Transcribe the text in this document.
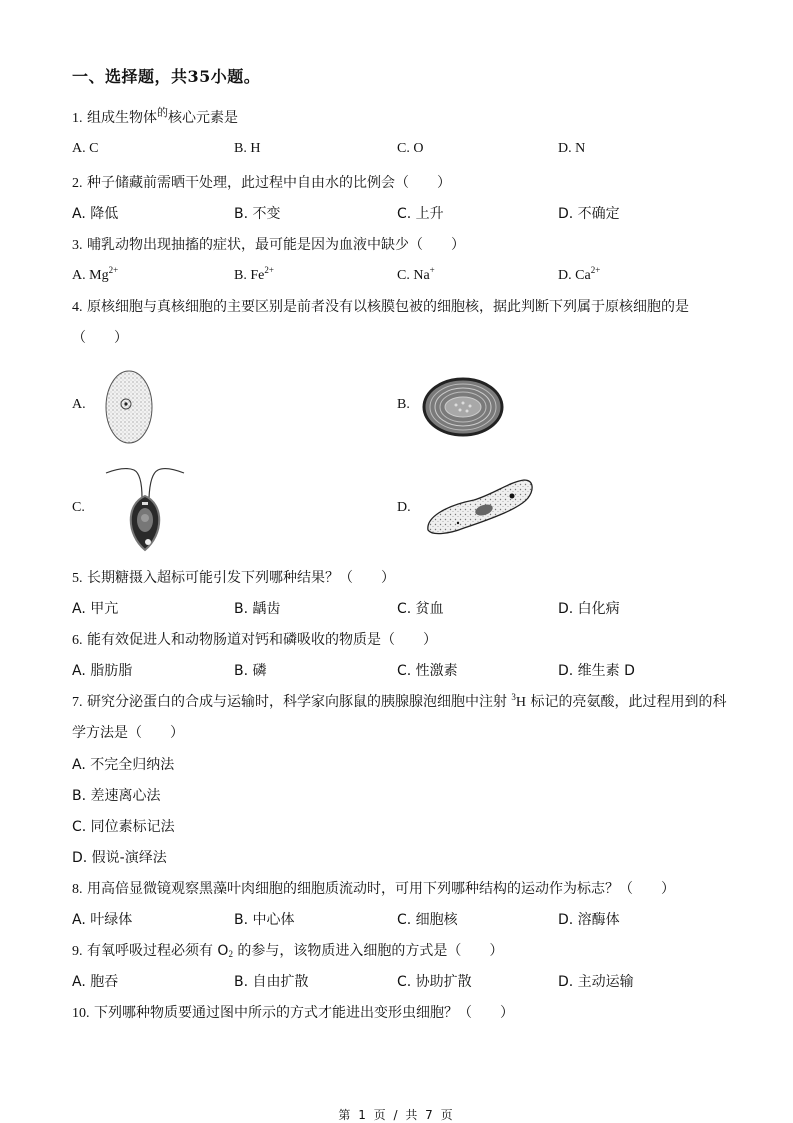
一、选择题，共35小题。
1. 组成生物体$^的$核心元素是
A. C	B. H	C. O	D. N
2. 种子储藏前需晒干处理，此过程中自由水的比例会（　　）
A. 降低	B. 不变	C. 上升	D. 不确定
3. 哺乳动物出现抽搐的症状，最可能是因为血液中缺少（　　）
A. $Mg^{2+}$	B. $Fe^{2+}$	C. Na+	D. $Ca^{2+}$
4. 原核细胞与真核细胞的主要区别是前者没有以核膜包被的细胞核，据此判断下列属于原核细胞的是
（　　）
A.	B.
C.	D.
5. 长期糖摄入超标可能引发下列哪种结果？（　　）
A. 甲亢	B. 龋齿	C. 贫血	D. 白化病
6. 能有效促进人和动物肠道对钙和磷吸收的物质是（　　）
A. 脂肪脂	B. 磷	C. 性激素	D. 维生素 D
7. 研究分泌蛋白的合成与运输时，科学家向豚鼠的胰腺腺泡细胞中注射 $^3$H 标记的亮氨酸，此过程用到的科
学方法是（　　）
A. 不完全归纳法
B. 差速离心法
C. 同位素标记法
D. 假说-演绎法
8. 用高倍显微镜观察黑藻叶肉细胞的细胞质流动时，可用下列哪种结构的运动作为标志？（　　）
A. 叶绿体	B. 中心体	C. 细胞核	D. 溶酶体
9. 有氧呼吸过程必须有 $O_2$ 的参与，该物质进入细胞的方式是（　　）
A. 胞吞	B. 自由扩散	C. 协助扩散	D. 主动运输
10. 下列哪种物质要通过图中所示的方式才能进出变形虫细胞？（　　）
第 1 页 / 共 7 页
